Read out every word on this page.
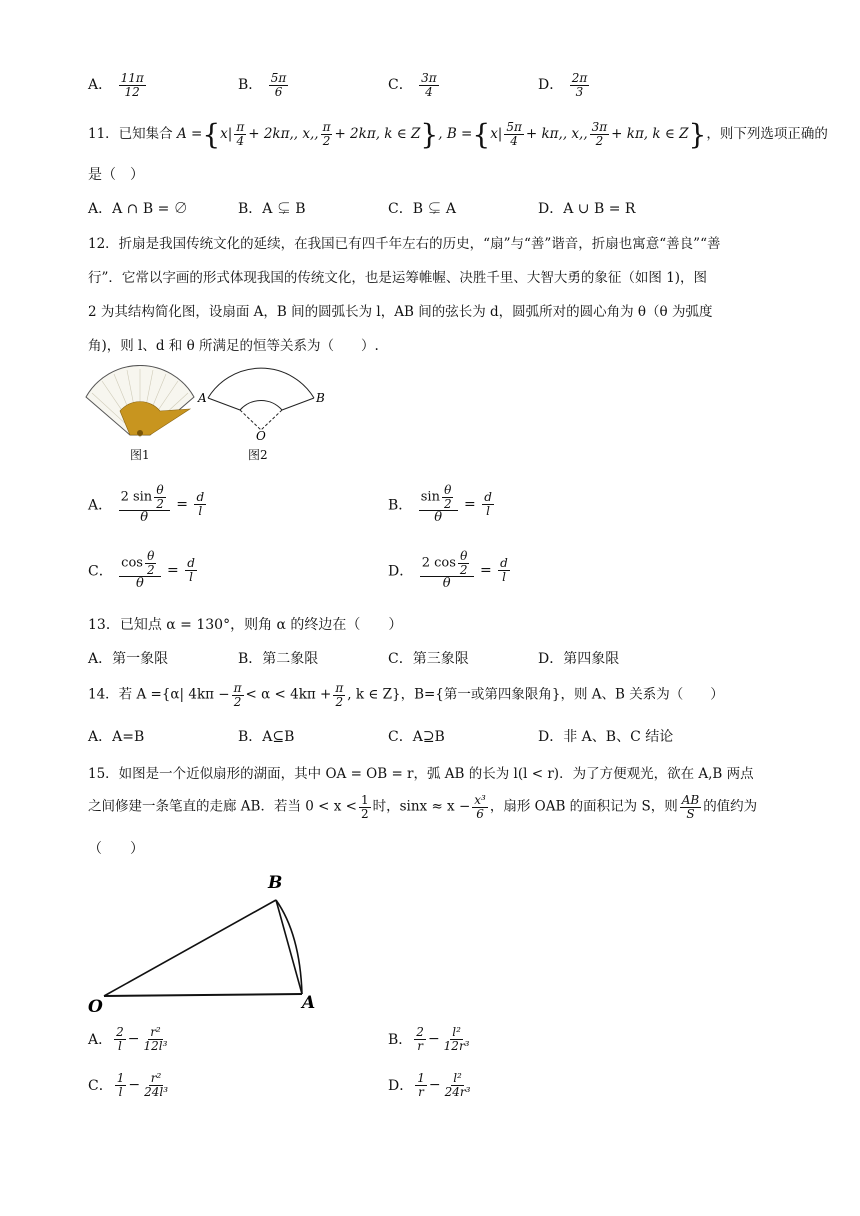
A． $\frac{11\pi}{12}$	B． $\frac{5\pi}{6}$	C． $\frac{3\pi}{4}$	D． $\frac{2\pi}{3}$
11．已知集合 $A =\{x| \frac{\pi}{4} + 2k\pi$,, x,, $\frac{\pi}{2} + 2k\pi$, k ∈ Z}, $B =\{x| \frac{5\pi}{4} + k\pi$,, x,, $\frac{3\pi}{2} + k\pi$, k ∈ Z}，则下列选项正确的
是（　）
A．A ∩ B = ∅	B．A ⊊ B	C．B ⊊ A	D．A ∪ B = R
12．折扇是我国传统文化的延续，在我国已有四千年左右的历史，“扇”与“善”谐音，折扇也寓意“善良”“善
行”．它常以字画的形式体现我国的传统文化，也是运筹帷幄、决胜千里、大智大勇的象征（如图 1)，图
2 为其结构简化图，设扇面 A，B 间的圆弧长为 l，AB 间的弦长为 d，圆弧所对的圆心角为 θ（θ 为弧度
角)，则 l、d 和 θ 所满足的恒等关系为（　　）.
图1
A	B
O
图2
A． $\frac{2 \sin \frac{\theta}{2}}{\theta} = \frac{d}{l}$	B． $\frac{\sin \frac{\theta}{2}}{\theta} = \frac{d}{l}$
C． $\frac{\cos \frac{\theta}{2}}{\theta} = \frac{d}{l}$	D． $\frac{2 \cos \frac{\theta}{2}}{\theta} = \frac{d}{l}$
13．已知点 α = 130°，则角 α 的终边在（　　）
A．第一象限	B．第二象限	C．第三象限	D．第四象限
14．若 A ={α| $4k\pi - \frac{\pi}{2} < \alpha < 4k\pi + \frac{\pi}{2}$ , k ∈ Z}，B={第一或第四象限角}，则 A、B 关系为（　　）
A．A=B	B．A⊆B	C．A⊇B	D．非 A、B、C 结论
15．如图是一个近似扇形的湖面，其中 OA = OB = r，弧 AB 的长为 l(l < r)．为了方便观光，欲在 A,B 两点
之间修建一条笔直的走廊 AB．若当 $0 < x < \frac{1}{2}$ 时，$\sin x \approx x - \frac{\text{x³}}{6}$ ，扇形 OAB 的面积记为 S，则 $\frac{AB}{S}$ 的值约为
（　　）
B
O	A
A． $\frac{2}{l} - \frac{\text{r²}}{\text{12l³}}$	B． $\frac{2}{r} - \frac{\text{l²}}{\text{12r³}}$
C． $\frac{1}{l} - \frac{\text{r²}}{\text{24l³}}$	D． $\frac{1}{r} - \frac{\text{l²}}{\text{24r³}}$
